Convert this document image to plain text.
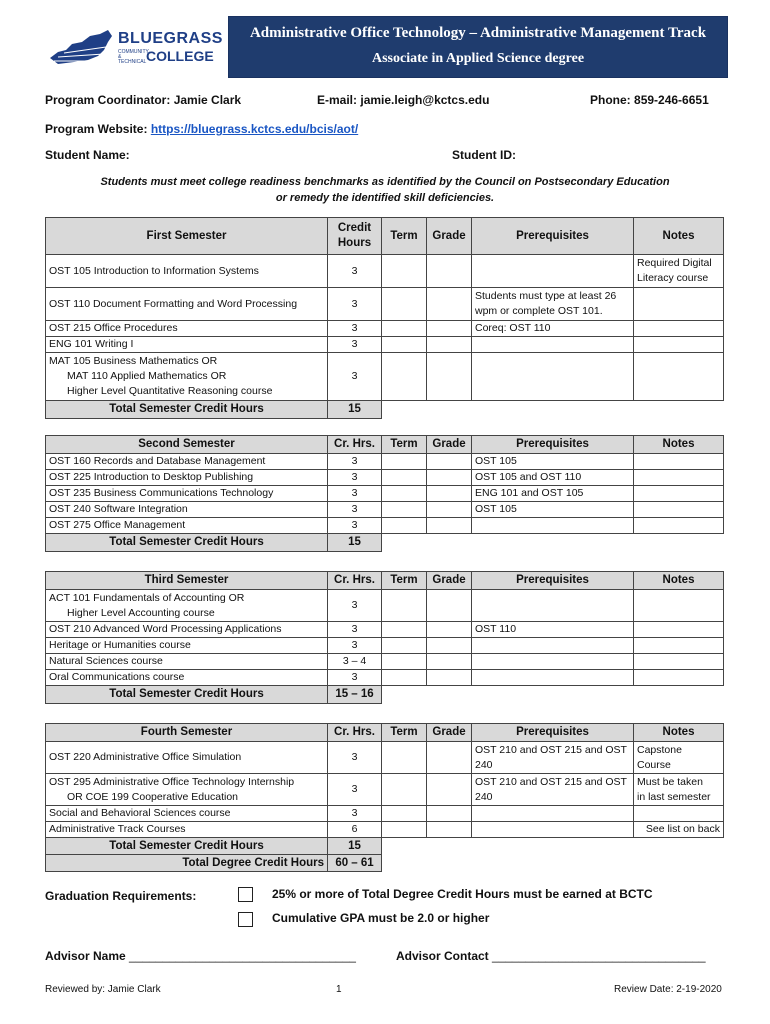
BLUEGRASS
COMMUNITY & TECHNICAL COLLEGE
Administrative Office Technology – Administrative Management Track
Associate in Applied Science degree
Program Coordinator: Jamie Clark	E-mail: jamie.leigh@kctcs.edu	Phone: 859-246-6651
Program Website: https://bluegrass.kctcs.edu/bcis/aot/
Student Name:	Student ID:
Students must meet college readiness benchmarks as identified by the Council on Postsecondary Education
or remedy the identified skill deficiencies.
First Semester	Credit
Hours	Term	Grade	Prerequisites	Notes
OST 105 Introduction to Information Systems	3				Required Digital
Literacy course
OST 110 Document Formatting and Word Processing	3			Students must type at least 26
wpm or complete OST 101.	
OST 215 Office Procedures	3			Coreq: OST 110	
ENG 101 Writing I	3				
MAT 105 Business Mathematics OR
MAT 110 Applied Mathematics OR
Higher Level Quantitative Reasoning course	3				
Total Semester Credit Hours	15				
Second Semester	Cr. Hrs.	Term	Grade	Prerequisites	Notes
OST 160 Records and Database Management	3			OST 105	
OST 225 Introduction to Desktop Publishing	3			OST 105 and OST 110	
OST 235 Business Communications Technology	3			ENG 101 and OST 105	
OST 240 Software Integration	3			OST 105	
OST 275 Office Management	3				
Total Semester Credit Hours	15				
Third Semester	Cr. Hrs.	Term	Grade	Prerequisites	Notes
ACT 101 Fundamentals of Accounting OR
Higher Level Accounting course	3				
OST 210 Advanced Word Processing Applications	3			OST 110	
Heritage or Humanities course	3				
Natural Sciences course	3 – 4				
Oral Communications course	3				
Total Semester Credit Hours	15 – 16				
Fourth Semester	Cr. Hrs.	Term	Grade	Prerequisites	Notes
OST 220 Administrative Office Simulation	3			OST 210 and OST 215 and OST
240	Capstone
Course
OST 295 Administrative Office Technology Internship
OR COE 199 Cooperative Education	3			OST 210 and OST 215 and OST
240	Must be taken
in last semester
Social and Behavioral Sciences course	3				
Administrative Track Courses	6				See list on back
Total Semester Credit Hours	15				
Total Degree Credit Hours	60 – 61				
Graduation Requirements:	25% or more of Total Degree Credit Hours must be earned at BCTC
Cumulative GPA must be 2.0 or higher
Advisor Name __________________________________	Advisor Contact ________________________________
Reviewed by: Jamie Clark	1	Review Date: 2-19-2020
